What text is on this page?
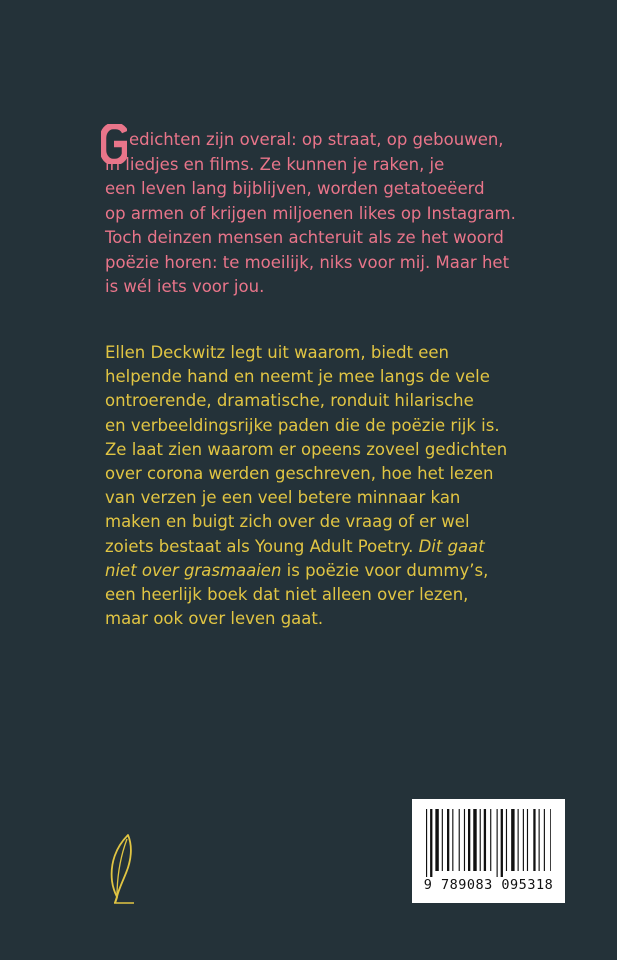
edichten zijn overal: op straat, op gebouwen,
in liedjes en films. Ze kunnen je raken, je
een leven lang bijblijven, worden getatoeëerd
op armen of krijgen miljoenen likes op Instagram.
Toch deinzen mensen achteruit als ze het woord
poëzie horen: te moeilijk, niks voor mij. Maar het
is wél iets voor jou.
Ellen Deckwitz legt uit waarom, biedt een
helpende hand en neemt je mee langs de vele
ontroerende, dramatische, ronduit hilarische
en verbeeldingsrijke paden die de poëzie rijk is.
Ze laat zien waarom er opeens zoveel gedichten
over corona werden geschreven, hoe het lezen
van verzen je een veel betere minnaar kan
maken en buigt zich over de vraag of er wel
zoiets bestaat als Young Adult Poetry. Dit gaat
niet over grasmaaien is poëzie voor dummy’s,
een heerlijk boek dat niet alleen over lezen,
maar ook over leven gaat.
9 789083 095318
